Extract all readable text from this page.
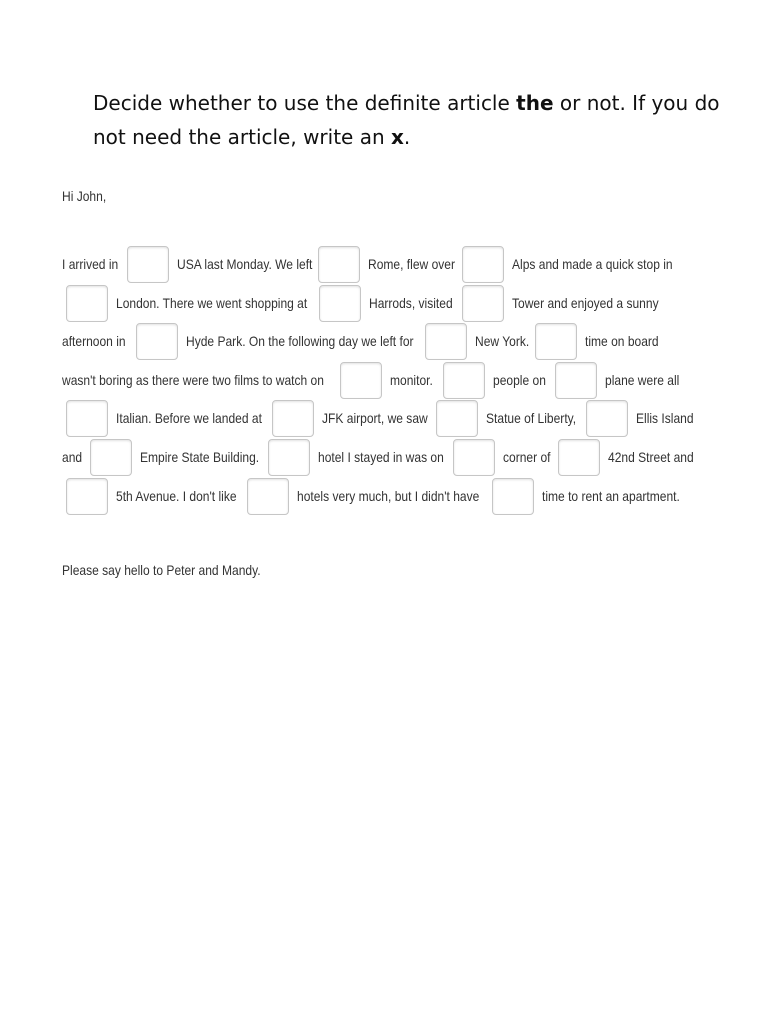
Decide whether to use the definite article the or not. If you do not need the article, write an x.

Hi John,
I arrived in	USA last Monday. We left	Rome, flew over	Alps and made a quick stop in
London. There we went shopping at	Harrods, visited	Tower and enjoyed a sunny
afternoon in	Hyde Park. On the following day we left for	New York.	time on board
wasn't boring as there were two films to watch on	monitor.	people on	plane were all
Italian. Before we landed at	JFK airport, we saw	Statue of Liberty,	Ellis Island
and	Empire State Building.	hotel I stayed in was on	corner of	42nd Street and
5th Avenue. I don't like	hotels very much, but I didn't have	time to rent an apartment.
Please say hello to Peter and Mandy.
